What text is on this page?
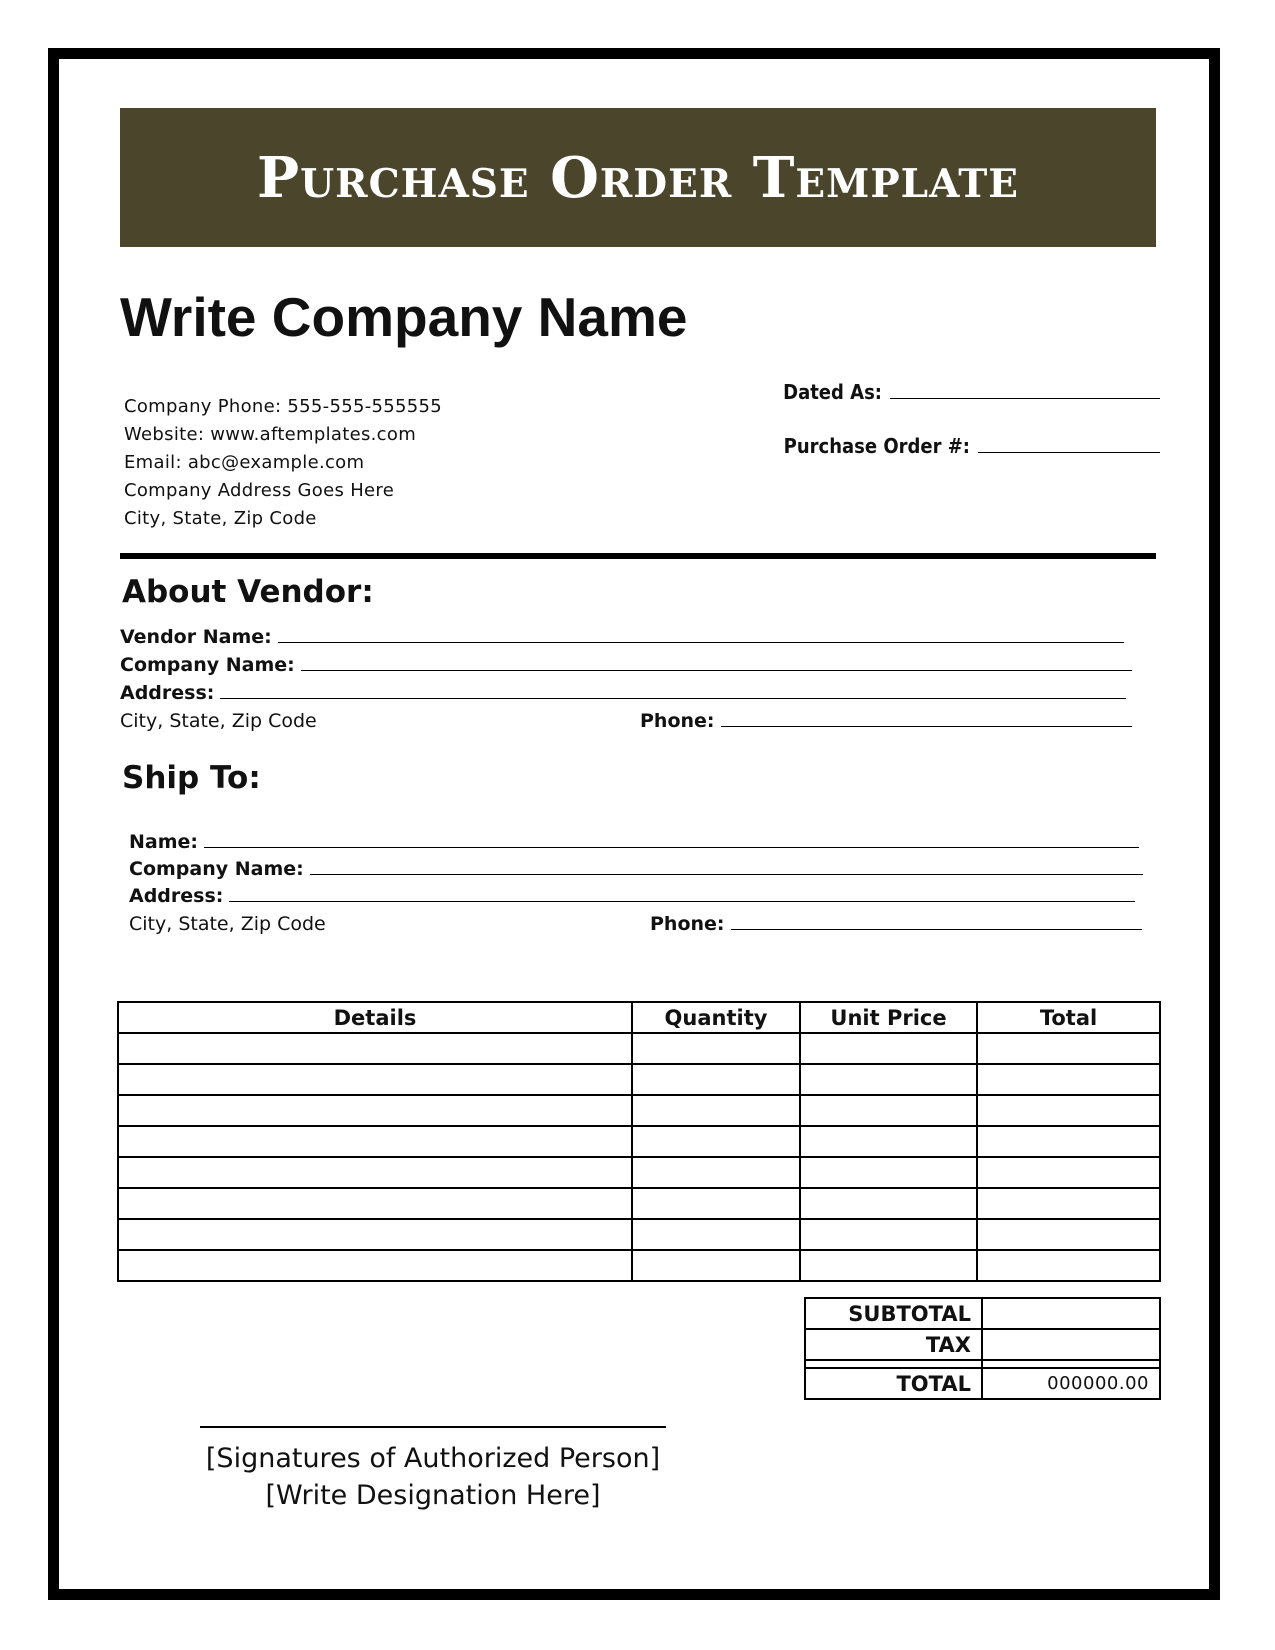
Purchase Order Template
Write Company Name
Company Phone: 555-555-555555
Website: www.aftemplates.com
Email: abc@example.com
Company Address Goes Here
City, State, Zip Code
Dated As:
Purchase Order #:
About Vendor:
Vendor Name:
Company Name:
Address:
City, State, Zip Code	Phone:
Ship To:
Name:
Company Name:
Address:
City, State, Zip Code	Phone:
Details	Quantity	Unit Price	Total

SUBTOTAL	
TAX	

TOTAL	000000.00
[Signatures of Authorized Person]
[Write Designation Here]
